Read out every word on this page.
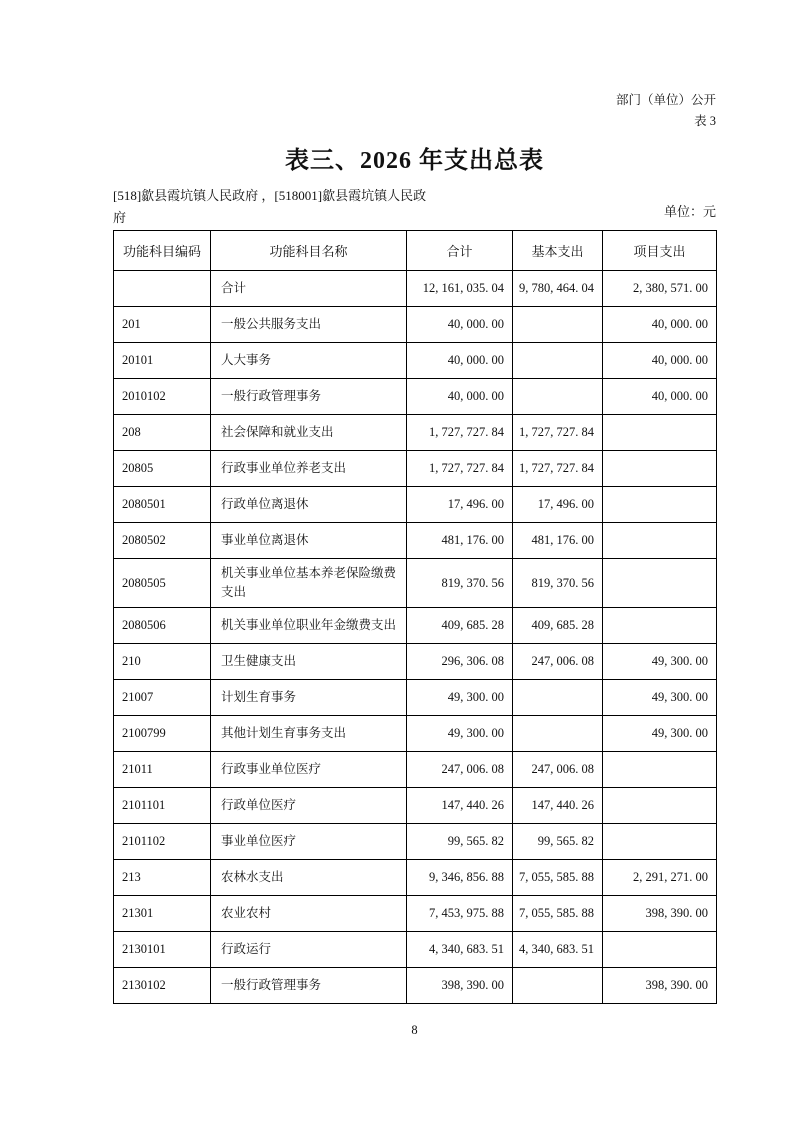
部门（单位）公开
表 3
表三、2026 年支出总表
[518]歙县霞坑镇人民政府 ，[518001]歙县霞坑镇人民政府	单位：元
功能科目编码	功能科目名称	合计	基本支出	项目支出
	合计	12, 161, 035. 04	9, 780, 464. 04	2, 380, 571. 00
201	一般公共服务支出	40, 000. 00		40, 000. 00
20101	人大事务	40, 000. 00		40, 000. 00
2010102	一般行政管理事务	40, 000. 00		40, 000. 00
208	社会保障和就业支出	1, 727, 727. 84	1, 727, 727. 84	
20805	行政事业单位养老支出	1, 727, 727. 84	1, 727, 727. 84	
2080501	行政单位离退休	17, 496. 00	17, 496. 00	
2080502	事业单位离退休	481, 176. 00	481, 176. 00	
2080505	机关事业单位基本养老保险缴费支出	819, 370. 56	819, 370. 56	
2080506	机关事业单位职业年金缴费支出	409, 685. 28	409, 685. 28	
210	卫生健康支出	296, 306. 08	247, 006. 08	49, 300. 00
21007	计划生育事务	49, 300. 00		49, 300. 00
2100799	其他计划生育事务支出	49, 300. 00		49, 300. 00
21011	行政事业单位医疗	247, 006. 08	247, 006. 08	
2101101	行政单位医疗	147, 440. 26	147, 440. 26	
2101102	事业单位医疗	99, 565. 82	99, 565. 82	
213	农林水支出	9, 346, 856. 88	7, 055, 585. 88	2, 291, 271. 00
21301	农业农村	7, 453, 975. 88	7, 055, 585. 88	398, 390. 00
2130101	行政运行	4, 340, 683. 51	4, 340, 683. 51	
2130102	一般行政管理事务	398, 390. 00		398, 390. 00
8
